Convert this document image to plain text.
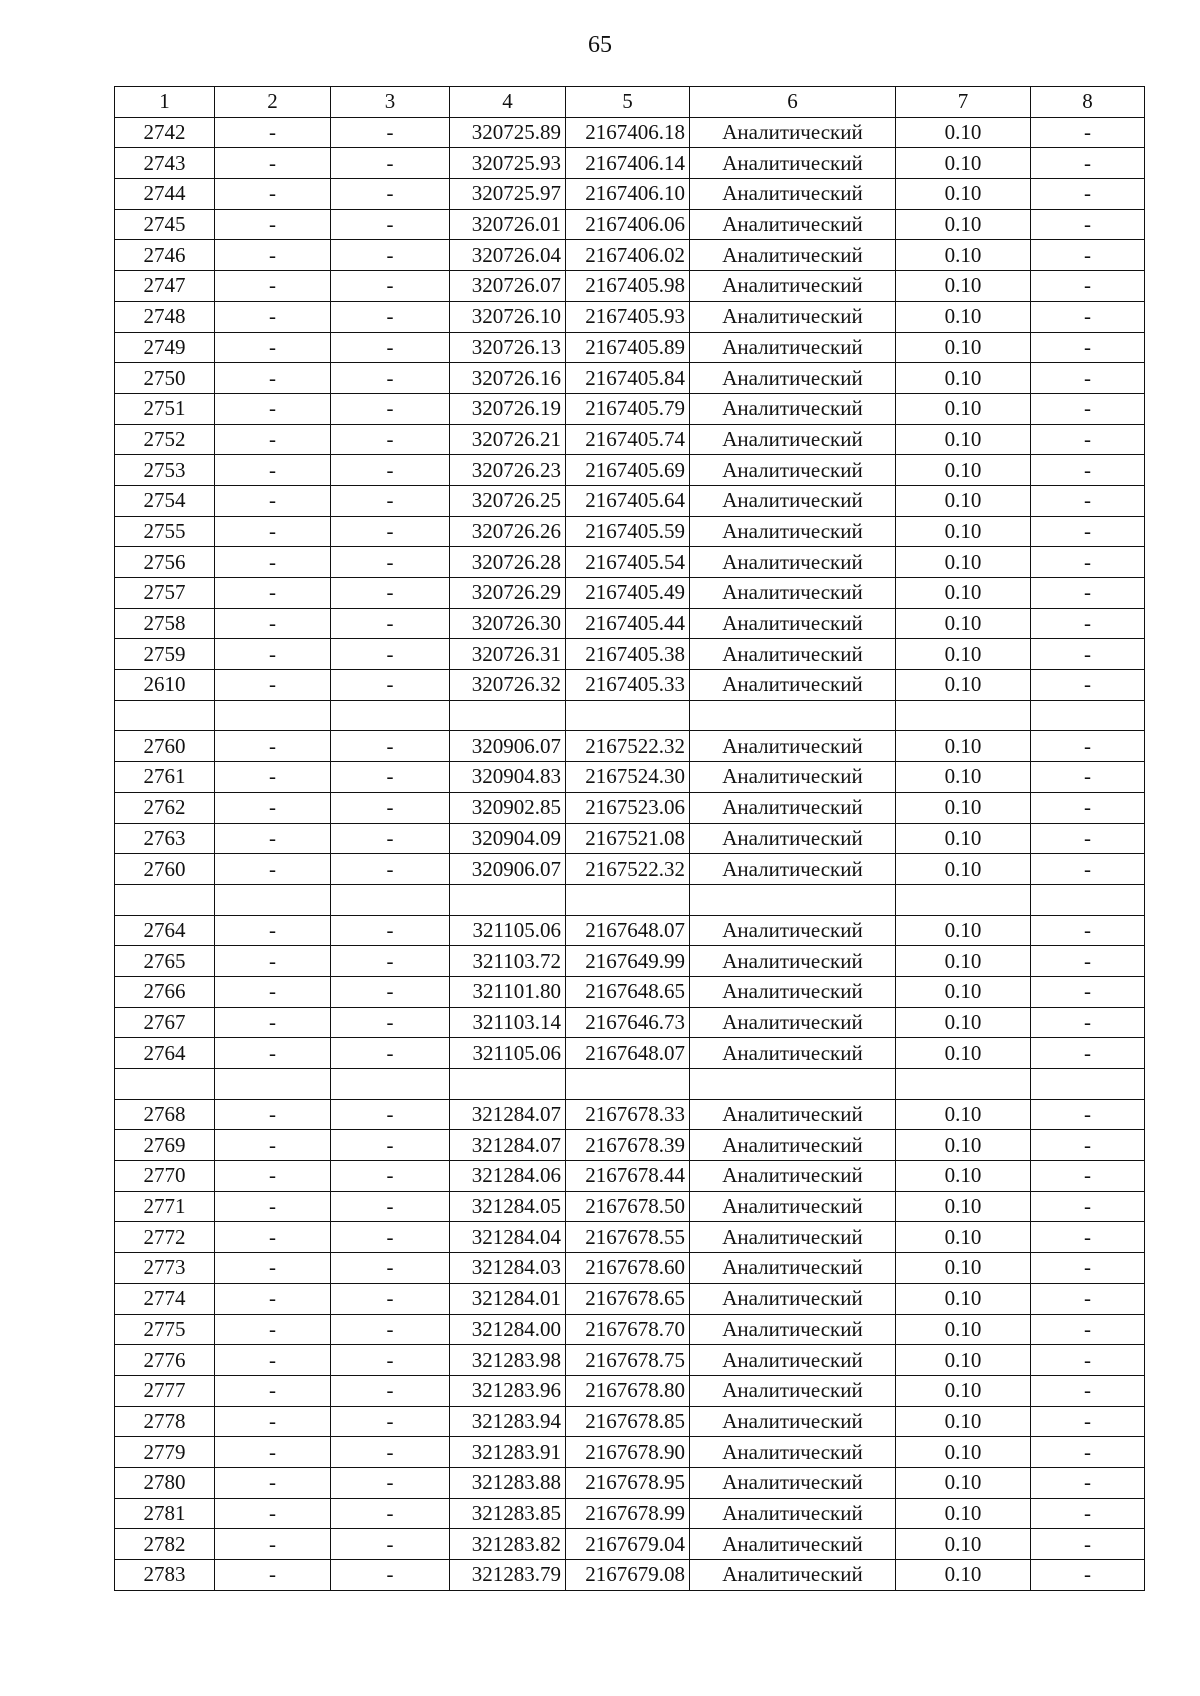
65
1	2	3	4	5	6	7	8
2742	-	-	320725.89	2167406.18	Аналитический	0.10	-
2743	-	-	320725.93	2167406.14	Аналитический	0.10	-
2744	-	-	320725.97	2167406.10	Аналитический	0.10	-
2745	-	-	320726.01	2167406.06	Аналитический	0.10	-
2746	-	-	320726.04	2167406.02	Аналитический	0.10	-
2747	-	-	320726.07	2167405.98	Аналитический	0.10	-
2748	-	-	320726.10	2167405.93	Аналитический	0.10	-
2749	-	-	320726.13	2167405.89	Аналитический	0.10	-
2750	-	-	320726.16	2167405.84	Аналитический	0.10	-
2751	-	-	320726.19	2167405.79	Аналитический	0.10	-
2752	-	-	320726.21	2167405.74	Аналитический	0.10	-
2753	-	-	320726.23	2167405.69	Аналитический	0.10	-
2754	-	-	320726.25	2167405.64	Аналитический	0.10	-
2755	-	-	320726.26	2167405.59	Аналитический	0.10	-
2756	-	-	320726.28	2167405.54	Аналитический	0.10	-
2757	-	-	320726.29	2167405.49	Аналитический	0.10	-
2758	-	-	320726.30	2167405.44	Аналитический	0.10	-
2759	-	-	320726.31	2167405.38	Аналитический	0.10	-
2610	-	-	320726.32	2167405.33	Аналитический	0.10	-

2760	-	-	320906.07	2167522.32	Аналитический	0.10	-
2761	-	-	320904.83	2167524.30	Аналитический	0.10	-
2762	-	-	320902.85	2167523.06	Аналитический	0.10	-
2763	-	-	320904.09	2167521.08	Аналитический	0.10	-
2760	-	-	320906.07	2167522.32	Аналитический	0.10	-

2764	-	-	321105.06	2167648.07	Аналитический	0.10	-
2765	-	-	321103.72	2167649.99	Аналитический	0.10	-
2766	-	-	321101.80	2167648.65	Аналитический	0.10	-
2767	-	-	321103.14	2167646.73	Аналитический	0.10	-
2764	-	-	321105.06	2167648.07	Аналитический	0.10	-

2768	-	-	321284.07	2167678.33	Аналитический	0.10	-
2769	-	-	321284.07	2167678.39	Аналитический	0.10	-
2770	-	-	321284.06	2167678.44	Аналитический	0.10	-
2771	-	-	321284.05	2167678.50	Аналитический	0.10	-
2772	-	-	321284.04	2167678.55	Аналитический	0.10	-
2773	-	-	321284.03	2167678.60	Аналитический	0.10	-
2774	-	-	321284.01	2167678.65	Аналитический	0.10	-
2775	-	-	321284.00	2167678.70	Аналитический	0.10	-
2776	-	-	321283.98	2167678.75	Аналитический	0.10	-
2777	-	-	321283.96	2167678.80	Аналитический	0.10	-
2778	-	-	321283.94	2167678.85	Аналитический	0.10	-
2779	-	-	321283.91	2167678.90	Аналитический	0.10	-
2780	-	-	321283.88	2167678.95	Аналитический	0.10	-
2781	-	-	321283.85	2167678.99	Аналитический	0.10	-
2782	-	-	321283.82	2167679.04	Аналитический	0.10	-
2783	-	-	321283.79	2167679.08	Аналитический	0.10	-
